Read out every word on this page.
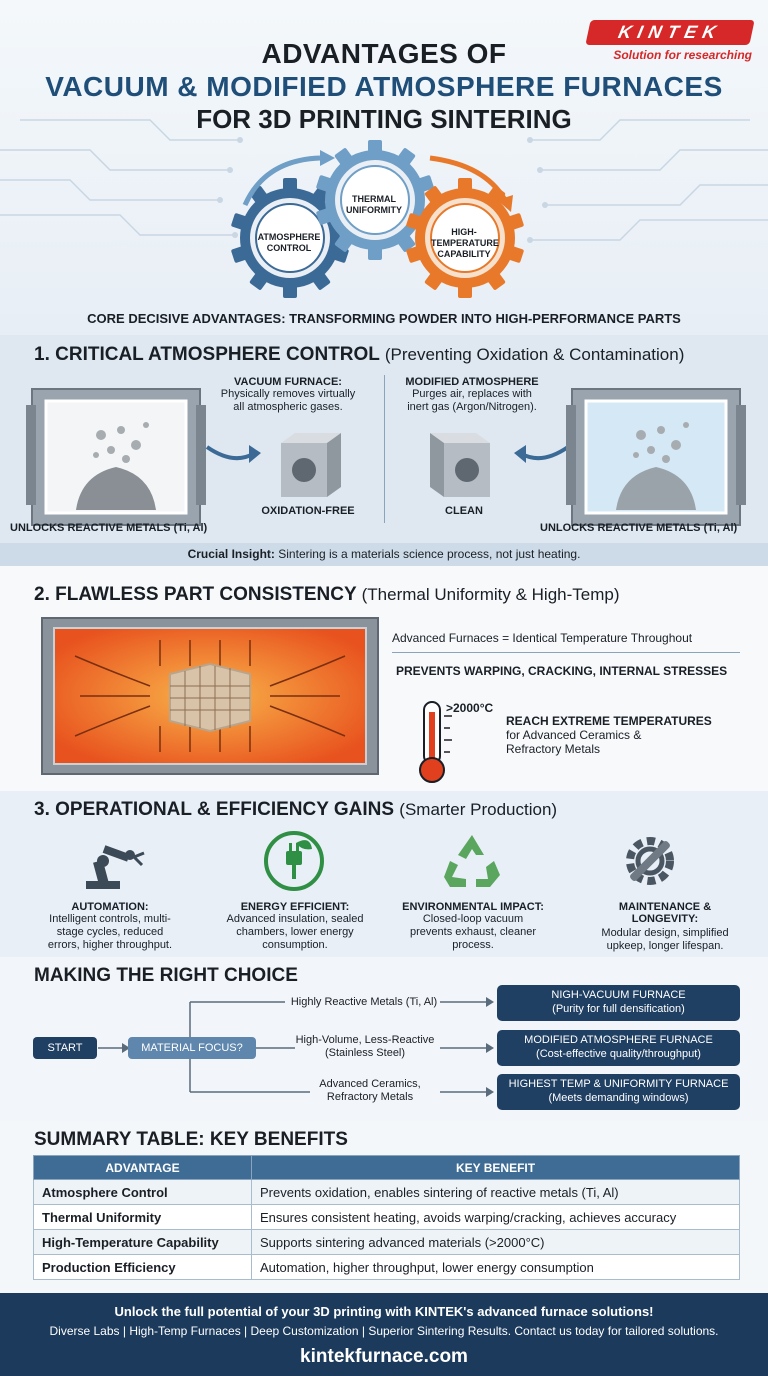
KINTEK
Solution for researching
ADVANTAGES OF
VACUUM & MODIFIED ATMOSPHERE FURNACES
FOR 3D PRINTING SINTERING
ATMOSPHERE
CONTROL
THERMAL
UNIFORMITY
HIGH-
TEMPERATURE
CAPABILITY
CORE DECISIVE ADVANTAGES: TRANSFORMING POWDER INTO HIGH-PERFORMANCE PARTS
1. CRITICAL ATMOSPHERE CONTROL (Preventing Oxidation & Contamination)
UNLOCKS REACTIVE METALS (Ti, Al)
VACUUM FURNACE:
Physically removes virtually
all atmospheric gases.
OXIDATION-FREE
MODIFIED ATMOSPHERE
Purges air, replaces with
inert gas (Argon/Nitrogen).
CLEAN
UNLOCKS REACTIVE METALS (Ti, Al)
Crucial Insight: Sintering is a materials science process, not just heating.
2. FLAWLESS PART CONSISTENCY (Thermal Uniformity & High-Temp)
Advanced Furnaces = Identical Temperature Throughout
PREVENTS WARPING, CRACKING, INTERNAL STRESSES
>2000°C
REACH EXTREME TEMPERATURES
for Advanced Ceramics &
Refractory Metals
3. OPERATIONAL & EFFICIENCY GAINS (Smarter Production)
AUTOMATION:
Intelligent controls, multi-
stage cycles, reduced
errors, higher throughput.
ENERGY EFFICIENT:
Advanced insulation, sealed
chambers, lower energy
consumption.
ENVIRONMENTAL IMPACT:
Closed-loop vacuum
prevents exhaust, cleaner
process.
MAINTENANCE &
LONGEVITY:
Modular design, simplified
upkeep, longer lifespan.
MAKING THE RIGHT CHOICE
START	MATERIAL FOCUS?
Highly Reactive Metals (Ti, Al)
High-Volume, Less-Reactive
(Stainless Steel)
Advanced Ceramics,
Refractory Metals
NIGH-VACUUM FURNACE
(Purity for full densification)
MODIFIED ATMOSPHERE FURNACE
(Cost-effective quality/throughput)
HIGHEST TEMP & UNIFORMITY FURNACE
(Meets demanding windows)
SUMMARY TABLE: KEY BENEFITS
ADVANTAGE	KEY BENEFIT
Atmosphere Control	Prevents oxidation, enables sintering of reactive metals (Ti, Al)
Thermal Uniformity	Ensures consistent heating, avoids warping/cracking, achieves accuracy
High-Temperature Capability	Supports sintering advanced materials (>2000°C)
Production Efficiency	Automation, higher throughput, lower energy consumption
Unlock the full potential of your 3D printing with KINTEK's advanced furnace solutions!
Diverse Labs | High-Temp Furnaces | Deep Customization | Superior Sintering Results. Contact us today for tailored solutions.
kintekfurnace.com
